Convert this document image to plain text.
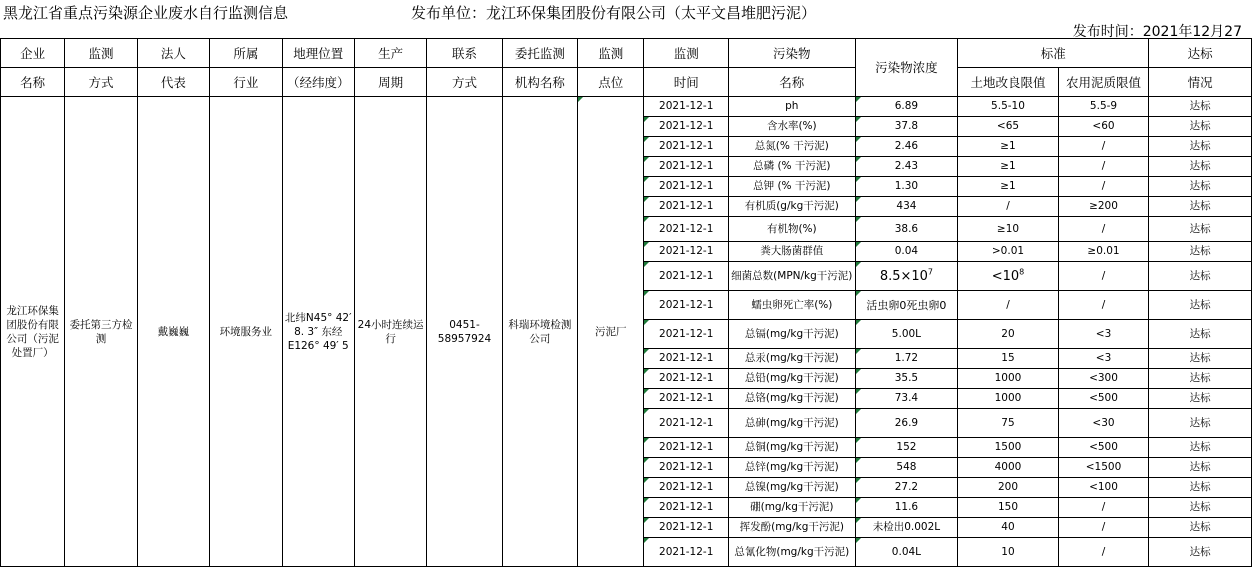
黑龙江省重点污染源企业废水自行监测信息	发布单位：龙江环保集团股份有限公司（太平文昌堆肥污泥）
发布时间：2021年12月27
企业	监测	法人	所属	地理位置	生产	联系	委托监测	监测	监测	污染物	污染物浓度	标准		达标
名称	方式	代表	行业	（经纬度）	周期	方式	机构名称	点位	时间	名称		土地改良限值	农用泥质限值	情况
龙江环保集团股份有限公司（污泥处置厂）	委托第三方检测	戴巍巍	环境服务业	北纬N45° 42′ 8. 3″ 东经E126° 49′ 5	24小时连续运行	0451-58957924	科瑞环境检测公司	污泥厂	2021-12-1	ph	6.89	5.5-10	5.5-9	达标
									2021-12-1	含水率(%)	37.8	<65	<60	达标
									2021-12-1	总氮(% 干污泥)	2.46	≥1	/	达标
									2021-12-1	总磷 (% 干污泥)	2.43	≥1	/	达标
									2021-12-1	总钾 (% 干污泥)	1.30	≥1	/	达标
									2021-12-1	有机质(g/kg干污泥)	434	/	≥200	达标
									2021-12-1	有机物(%)	38.6	≥10	/	达标
									2021-12-1	粪大肠菌群值	0.04	>0.01	≥0.01	达标
									2021-12-1	细菌总数(MPN/kg干污泥)	$8.5\times 10^7$	$<10^8$	/	达标
									2021-12-1	蠕虫卵死亡率(%)	活虫卵0死虫卵0	/	/	达标
									2021-12-1	总镉(mg/kg干污泥)	5.00L	20	<3	达标
									2021-12-1	总汞(mg/kg干污泥)	1.72	15	<3	达标
									2021-12-1	总铅(mg/kg干污泥)	35.5	1000	<300	达标
									2021-12-1	总铬(mg/kg干污泥)	73.4	1000	<500	达标
									2021-12-1	总砷(mg/kg干污泥)	26.9	75	<30	达标
									2021-12-1	总铜(mg/kg干污泥)	152	1500	<500	达标
									2021-12-1	总锌(mg/kg干污泥)	548	4000	<1500	达标
									2021-12-1	总镍(mg/kg干污泥)	27.2	200	<100	达标
									2021-12-1	硼(mg/kg干污泥)	11.6	150	/	达标
									2021-12-1	挥发酚(mg/kg干污泥)	未检出0.002L	40	/	达标
									2021-12-1	总氰化物(mg/kg干污泥)	0.04L	10	/	达标
